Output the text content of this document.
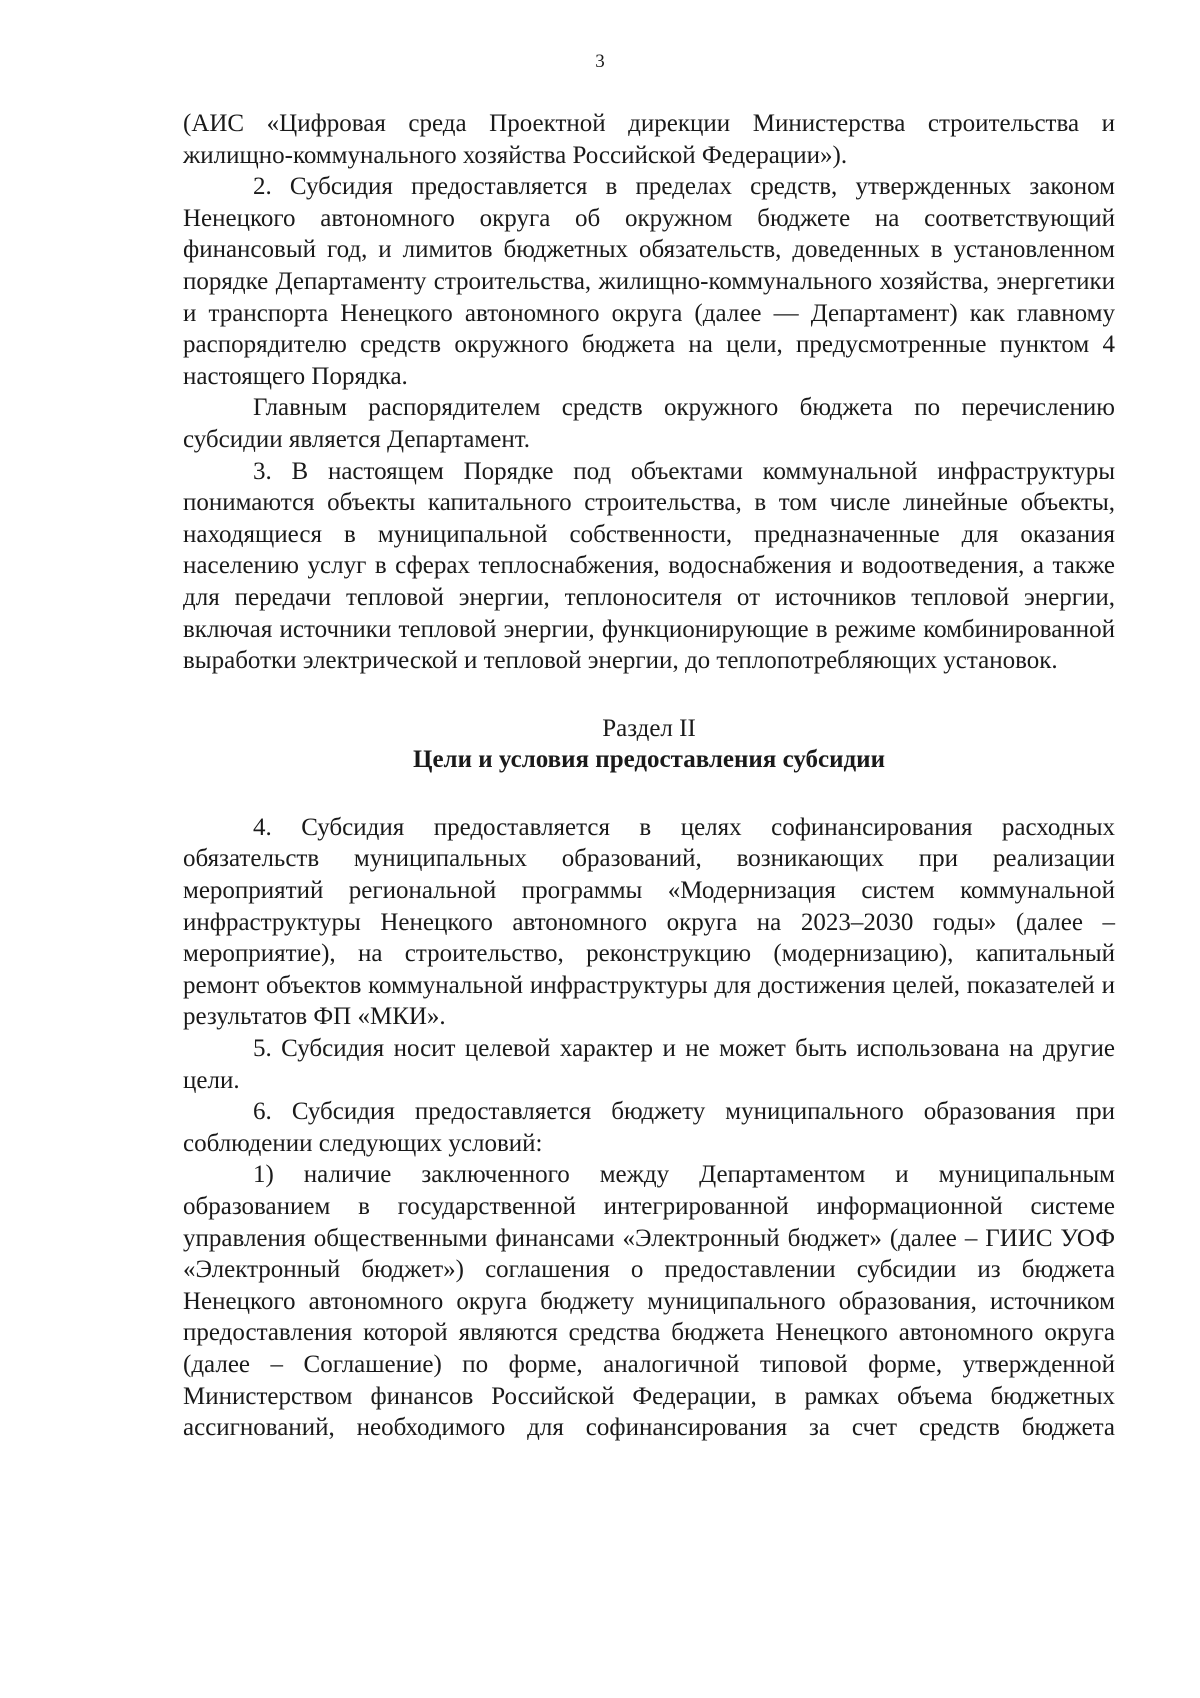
3

(АИС «Цифровая среда Проектной дирекции Министерства строительства и жилищно-коммунального хозяйства Российской Федерации»).

2. Субсидия предоставляется в пределах средств, утвержденных законом Ненецкого автономного округа об окружном бюджете на соответствующий финансовый год, и лимитов бюджетных обязательств, доведенных в установленном порядке Департаменту строительства, жилищно-коммунального хозяйства, энергетики и транспорта Ненецкого автономного округа (далее — Департамент) как главному распорядителю средств окружного бюджета на цели, предусмотренные пунктом 4 настоящего Порядка.

Главным распорядителем средств окружного бюджета по перечислению субсидии является Департамент.

3. В настоящем Порядке под объектами коммунальной инфраструктуры понимаются объекты капитального строительства, в том числе линейные объекты, находящиеся в муниципальной собственности, предназначенные для оказания населению услуг в сферах теплоснабжения, водоснабжения и водоотведения, а также для передачи тепловой энергии, теплоносителя от источников тепловой энергии, включая источники тепловой энергии, функционирующие в режиме комбинированной выработки электрической и тепловой энергии, до теплопотребляющих установок.

Раздел II
Цели и условия предоставления субсидии

4. Субсидия предоставляется в целях софинансирования расходных обязательств муниципальных образований, возникающих при реализации мероприятий региональной программы «Модернизация систем коммунальной инфраструктуры Ненецкого автономного округа на 2023–2030 годы» (далее – мероприятие), на строительство, реконструкцию (модернизацию), капитальный ремонт объектов коммунальной инфраструктуры для достижения целей, показателей и результатов ФП «МКИ».

5. Субсидия носит целевой характер и не может быть использована на другие цели.

6. Субсидия предоставляется бюджету муниципального образования при соблюдении следующих условий:

1) наличие заключенного между Департаментом и муниципальным образованием в государственной интегрированной информационной системе управления общественными финансами «Электронный бюджет» (далее – ГИИС УОФ «Электронный бюджет») соглашения о предоставлении субсидии из бюджета Ненецкого автономного округа бюджету муниципального образования, источником предоставления которой являются средства бюджета Ненецкого автономного округа (далее – Соглашение) по форме, аналогичной типовой форме, утвержденной Министерством финансов Российской Федерации, в рамках объема бюджетных ассигнований, необходимого для софинансирования за счет средств бюджета
